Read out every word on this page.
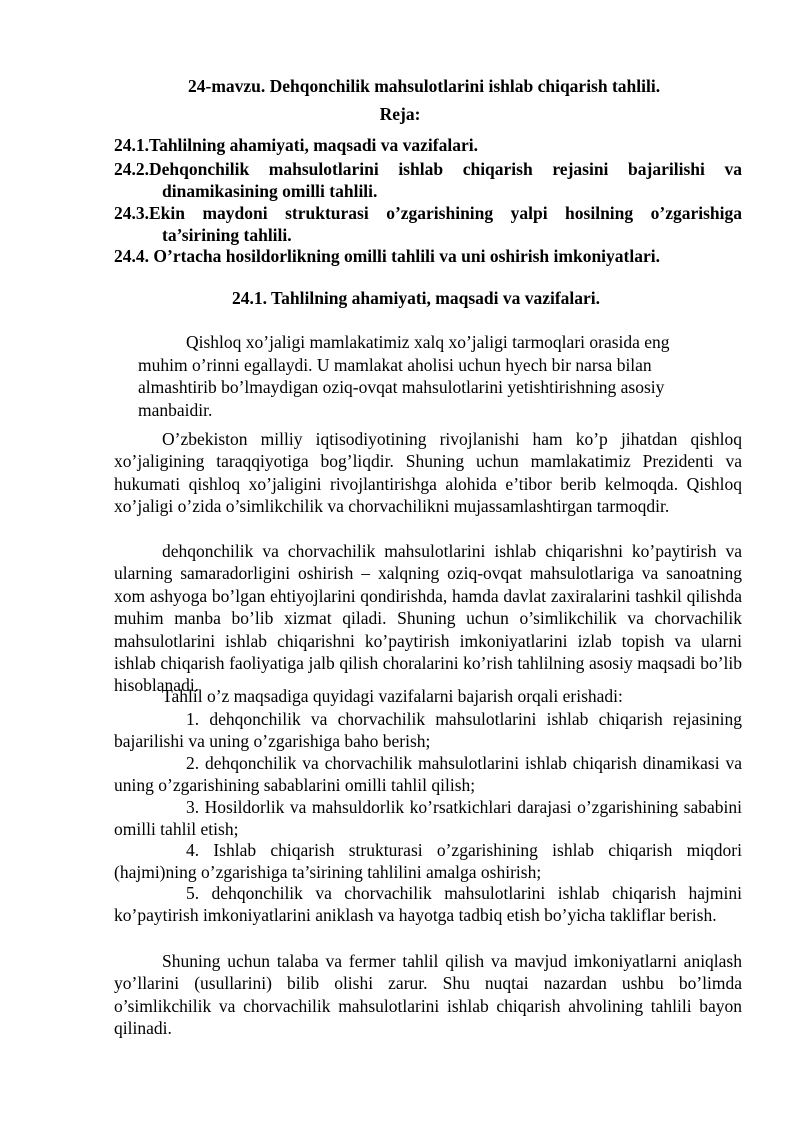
24-mavzu. Dehqonchilik mahsulotlarini ishlab chiqarish tahlili.

Reja:

24.1.Tahlilning ahamiyati, maqsadi va vazifalari.

24.2.Dehqonchilik mahsulotlarini ishlab chiqarish rejasini bajarilishi va dinamikasining omilli tahlili.

24.3.Ekin maydoni strukturasi o’zgarishining yalpi hosilning o’zgarishiga ta’sirining tahlili.

24.4. O’rtacha hosildorlikning omilli tahlili va uni oshirish imkoniyatlari.

24.1. Tahlilning ahamiyati, maqsadi va vazifalari.

Qishloq xo’jaligi mamlakatimiz xalq xo’jaligi tarmoqlari orasida eng muhim o’rinni egallaydi. U mamlakat aholisi uchun hyech bir narsa bilan almashtirib bo’lmaydigan oziq-ovqat mahsulotlarini yetishtirishning asosiy manbaidir.

O’zbekiston milliy iqtisodiyotining rivojlanishi ham ko’p jihatdan qishloq xo’jaligining taraqqiyotiga bog’liqdir. Shuning uchun mamlakatimiz Prezidenti va hukumati qishloq xo’jaligini rivojlantirishga alohida e’tibor berib kelmoqda. Qishloq xo’jaligi o’zida o’simlikchilik va chorvachilikni mujassamlashtirgan tarmoqdir.

dehqonchilik va chorvachilik mahsulotlarini ishlab chiqarishni ko’paytirish va ularning samaradorligini oshirish – xalqning oziq-ovqat mahsulotlariga va sanoatning xom ashyoga bo’lgan ehtiyojlarini qondirishda, hamda davlat zaxiralarini tashkil qilishda muhim manba bo’lib xizmat qiladi. Shuning uchun o’simlikchilik va chorvachilik mahsulotlarini ishlab chiqarishni ko’paytirish imkoniyatlarini izlab topish va ularni ishlab chiqarish faoliyatiga jalb qilish choralarini ko’rish tahlilning asosiy maqsadi bo’lib hisoblanadi.

Tahlil o’z maqsadiga quyidagi vazifalarni bajarish orqali erishadi:

1. dehqonchilik va chorvachilik mahsulotlarini ishlab chiqarish rejasining bajarilishi va uning o’zgarishiga baho berish;

2. dehqonchilik va chorvachilik mahsulotlarini ishlab chiqarish dinamikasi va uning o’zgarishining sabablarini omilli tahlil qilish;

3. Hosildorlik va mahsuldorlik ko’rsatkichlari darajasi o’zgarishining sababini omilli tahlil etish;

4. Ishlab chiqarish strukturasi o’zgarishining ishlab chiqarish miqdori (hajmi)ning o’zgarishiga ta’sirining tahlilini amalga oshirish;

5. dehqonchilik va chorvachilik mahsulotlarini ishlab chiqarish hajmini ko’paytirish imkoniyatlarini aniklash va hayotga tadbiq etish bo’yicha takliflar berish.

Shuning uchun talaba va fermer tahlil qilish va mavjud imkoniyatlarni aniqlash yo’llarini (usullarini) bilib olishi zarur. Shu nuqtai nazardan ushbu bo’limda o’simlikchilik va chorvachilik mahsulotlarini ishlab chiqarish ahvolining tahlili bayon qilinadi.
